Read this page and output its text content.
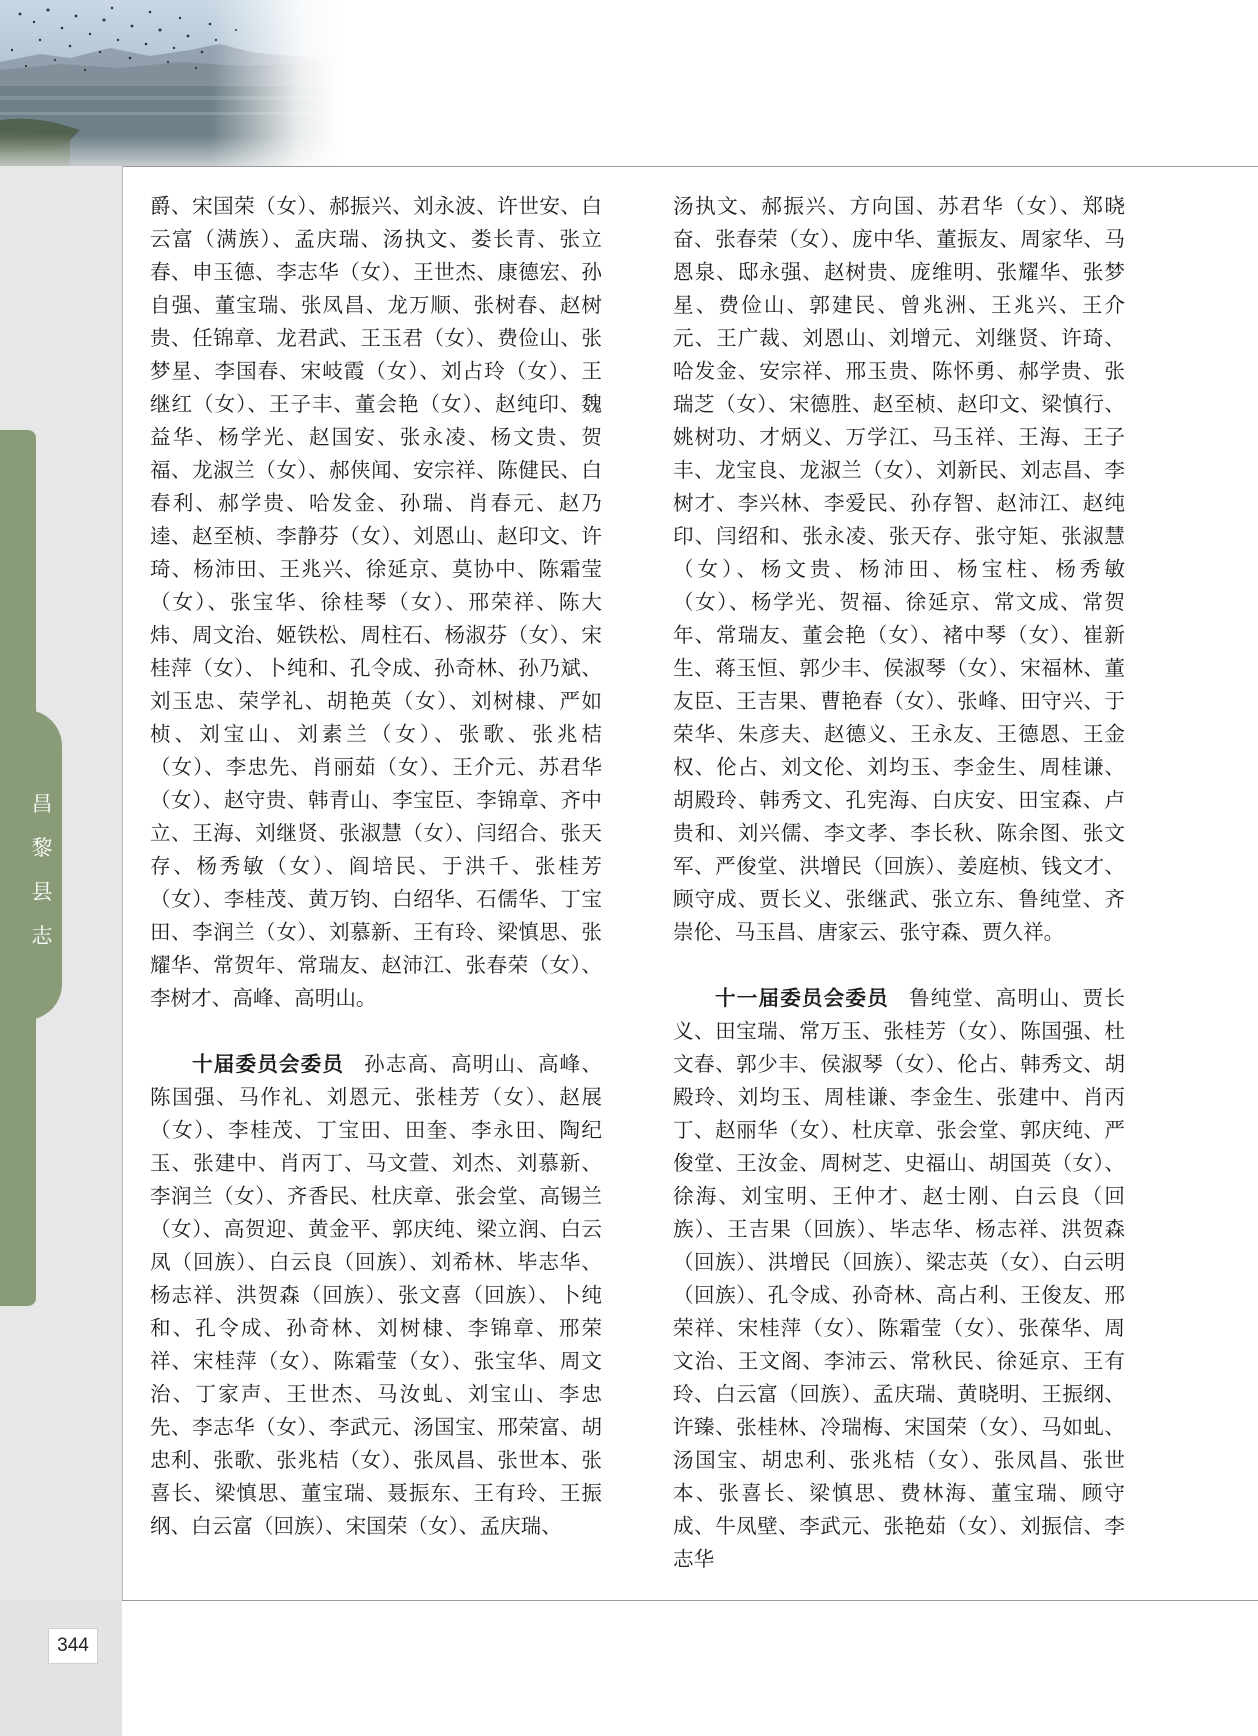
昌
黎
县
志
344

爵、宋国荣（女）、郝振兴、刘永波、许世安、白云富（满族）、孟庆瑞、汤执文、娄长青、张立春、申玉德、李志华（女）、王世杰、康德宏、孙自强、董宝瑞、张凤昌、龙万顺、张树春、赵树贵、任锦章、龙君武、王玉君（女）、费俭山、张梦星、李国春、宋岐霞（女）、刘占玲（女）、王继红（女）、王子丰、董会艳（女）、赵纯印、魏益华、杨学光、赵国安、张永凌、杨文贵、贺福、龙淑兰（女）、郝侠闻、安宗祥、陈健民、白春利、郝学贵、哈发金、孙瑞、肖春元、赵乃逵、赵至桢、李静芬（女）、刘恩山、赵印文、许琦、杨沛田、王兆兴、徐延京、莫协中、陈霜莹（女）、张宝华、徐桂琴（女）、邢荣祥、陈大炜、周文治、姬铁松、周柱石、杨淑芬（女）、宋桂萍（女）、卜纯和、孔令成、孙奇林、孙乃斌、刘玉忠、荣学礼、胡艳英（女）、刘树棣、严如桢、刘宝山、刘素兰（女）、张歌、张兆桔（女）、李忠先、肖丽茹（女）、王介元、苏君华（女）、赵守贵、韩青山、李宝臣、李锦章、齐中立、王海、刘继贤、张淑慧（女）、闫绍合、张天存、杨秀敏（女）、阎培民、于洪千、张桂芳（女）、李桂茂、黄万钧、白绍华、石儒华、丁宝田、李润兰（女）、刘慕新、王有玲、梁慎思、张耀华、常贺年、常瑞友、赵沛江、张春荣（女）、李树才、高峰、高明山。

十届委员会委员 孙志高、高明山、高峰、陈国强、马作礼、刘恩元、张桂芳（女）、赵展（女）、李桂茂、丁宝田、田奎、李永田、陶纪玉、张建中、肖丙丁、马文萱、刘杰、刘慕新、李润兰（女）、齐香民、杜庆章、张会堂、高锡兰（女）、高贺迎、黄金平、郭庆纯、梁立润、白云凤（回族）、白云良（回族）、刘希林、毕志华、杨志祥、洪贺森（回族）、张文喜（回族）、卜纯和、孔令成、孙奇林、刘树棣、李锦章、邢荣祥、宋桂萍（女）、陈霜莹（女）、张宝华、周文治、丁家声、王世杰、马汝虬、刘宝山、李忠先、李志华（女）、李武元、汤国宝、邢荣富、胡忠利、张歌、张兆桔（女）、张凤昌、张世本、张喜长、梁慎思、董宝瑞、聂振东、王有玲、王振纲、白云富（回族）、宋国荣（女）、孟庆瑞、

汤执文、郝振兴、方向国、苏君华（女）、郑晓奋、张春荣（女）、庞中华、董振友、周家华、马恩泉、邸永强、赵树贵、庞维明、张耀华、张梦星、费俭山、郭建民、曾兆洲、王兆兴、王介元、王广裁、刘恩山、刘增元、刘继贤、许琦、哈发金、安宗祥、邢玉贵、陈怀勇、郝学贵、张瑞芝（女）、宋德胜、赵至桢、赵印文、梁慎行、姚树功、才炳义、万学江、马玉祥、王海、王子丰、龙宝良、龙淑兰（女）、刘新民、刘志昌、李树才、李兴林、李爱民、孙存智、赵沛江、赵纯印、闫绍和、张永凌、张天存、张守矩、张淑慧（女）、杨文贵、杨沛田、杨宝柱、杨秀敏（女）、杨学光、贺福、徐延京、常文成、常贺年、常瑞友、董会艳（女）、褚中琴（女）、崔新生、蒋玉恒、郭少丰、侯淑琴（女）、宋福林、董友臣、王吉果、曹艳春（女）、张峰、田守兴、于荣华、朱彦夫、赵德义、王永友、王德恩、王金权、伦占、刘文伦、刘均玉、李金生、周桂谦、胡殿玲、韩秀文、孔宪海、白庆安、田宝森、卢贵和、刘兴儒、李文孝、李长秋、陈余图、张文军、严俊堂、洪增民（回族）、姜庭桢、钱文才、顾守成、贾长义、张继武、张立东、鲁纯堂、齐崇伦、马玉昌、唐家云、张守森、贾久祥。

十一届委员会委员 鲁纯堂、高明山、贾长义、田宝瑞、常万玉、张桂芳（女）、陈国强、杜文春、郭少丰、侯淑琴（女）、伦占、韩秀文、胡殿玲、刘均玉、周桂谦、李金生、张建中、肖丙丁、赵丽华（女）、杜庆章、张会堂、郭庆纯、严俊堂、王汝金、周树芝、史福山、胡国英（女）、徐海、刘宝明、王仲才、赵士刚、白云良（回族）、王吉果（回族）、毕志华、杨志祥、洪贺森（回族）、洪增民（回族）、梁志英（女）、白云明（回族）、孔令成、孙奇林、高占利、王俊友、邢荣祥、宋桂萍（女）、陈霜莹（女）、张葆华、周文治、王文阁、李沛云、常秋民、徐延京、王有玲、白云富（回族）、孟庆瑞、黄晓明、王振纲、许臻、张桂林、冷瑞梅、宋国荣（女）、马如虬、汤国宝、胡忠利、张兆桔（女）、张凤昌、张世本、张喜长、梁慎思、费林海、董宝瑞、顾守成、牛凤壁、李武元、张艳茹（女）、刘振信、李志华
